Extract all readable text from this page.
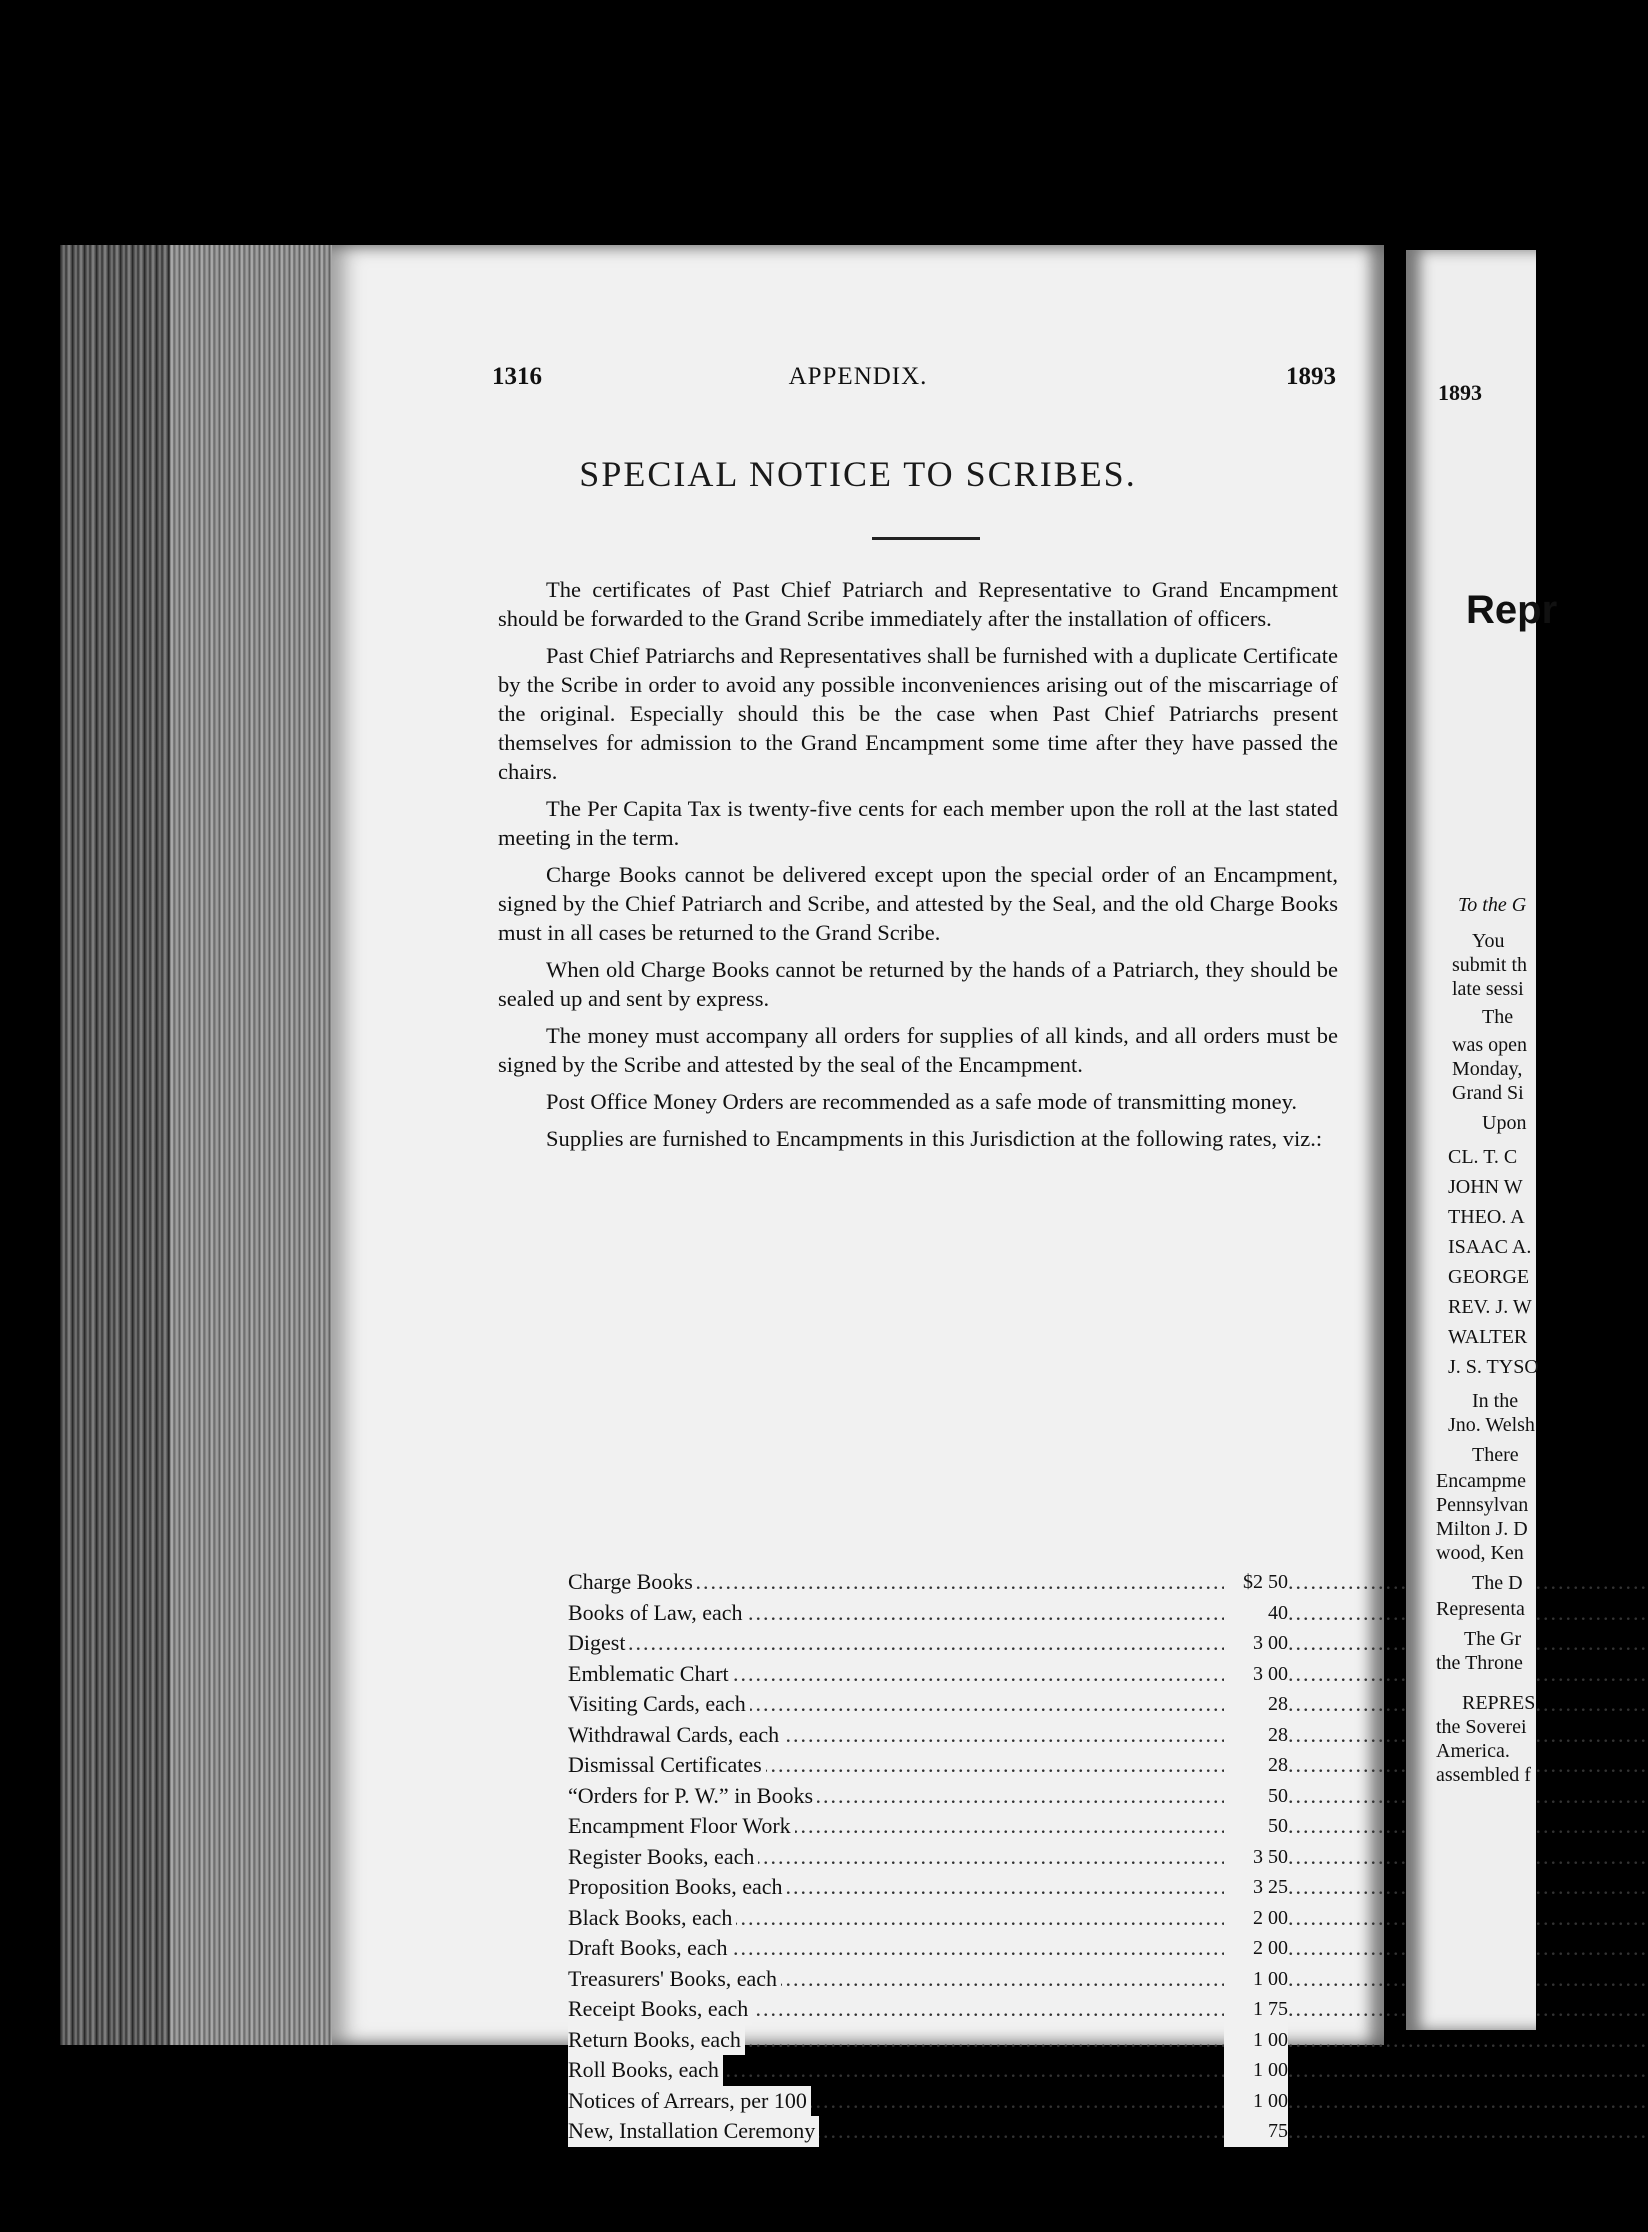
1316	APPENDIX.	1893
SPECIAL NOTICE TO SCRIBES.

The certificates of Past Chief Patriarch and Representative to Grand Encampment should be forwarded to the Grand Scribe immediately after the installation of officers.

Past Chief Patriarchs and Representatives shall be furnished with a duplicate Certificate by the Scribe in order to avoid any possible inconveniences arising out of the miscarriage of the original. Especially should this be the case when Past Chief Patriarchs present themselves for admission to the Grand Encampment some time after they have passed the chairs.

The Per Capita Tax is twenty-five cents for each member upon the roll at the last stated meeting in the term.

Charge Books cannot be delivered except upon the special order of an Encampment, signed by the Chief Patriarch and Scribe, and attested by the Seal, and the old Charge Books must in all cases be returned to the Grand Scribe.

When old Charge Books cannot be returned by the hands of a Patriarch, they should be sealed up and sent by express.

The money must accompany all orders for supplies of all kinds, and all orders must be signed by the Scribe and attested by the seal of the Encampment.

Post Office Money Orders are recommended as a safe mode of transmitting money.

Supplies are furnished to Encampments in this Jurisdiction at the following rates, viz.:

.....
Charge Books	$2 50
.....
Books of Law, each	40
.....
Digest	3 00
.....
Emblematic Chart	3 00
.....
Visiting Cards, each	28
.....
Withdrawal Cards, each	28
.....
Dismissal Certificates	28
.....
“Orders for P. W.” in Books	50
.....
Encampment Floor Work	50
.....
Register Books, each	3 50
.....
Proposition Books, each	3 25
.....
Black Books, each	2 00
.....
Draft Books, each	2 00
.....
Treasurers' Books, each	1 00
.....
Receipt Books, each	1 75
.....
Return Books, each	1 00
.....
Roll Books, each	1 00
.....
Notices of Arrears, per 100	1 00
.....
New, Installation Ceremony	75
1893
Repr
To the G
You
submit th
late sessi
The
was open
Monday,
Grand Si
Upon
CL. T. C
JOHN W
THEO. A
ISAAC A.
GEORGE
REV. J. W
WALTER
J. S. TYSO
In the
Jno. Welsh
There
Encampme
Pennsylvan
Milton J. D
wood, Ken
The D
Representa
The Gr
the Throne
REPRES
the Soverei
America.
assembled f
